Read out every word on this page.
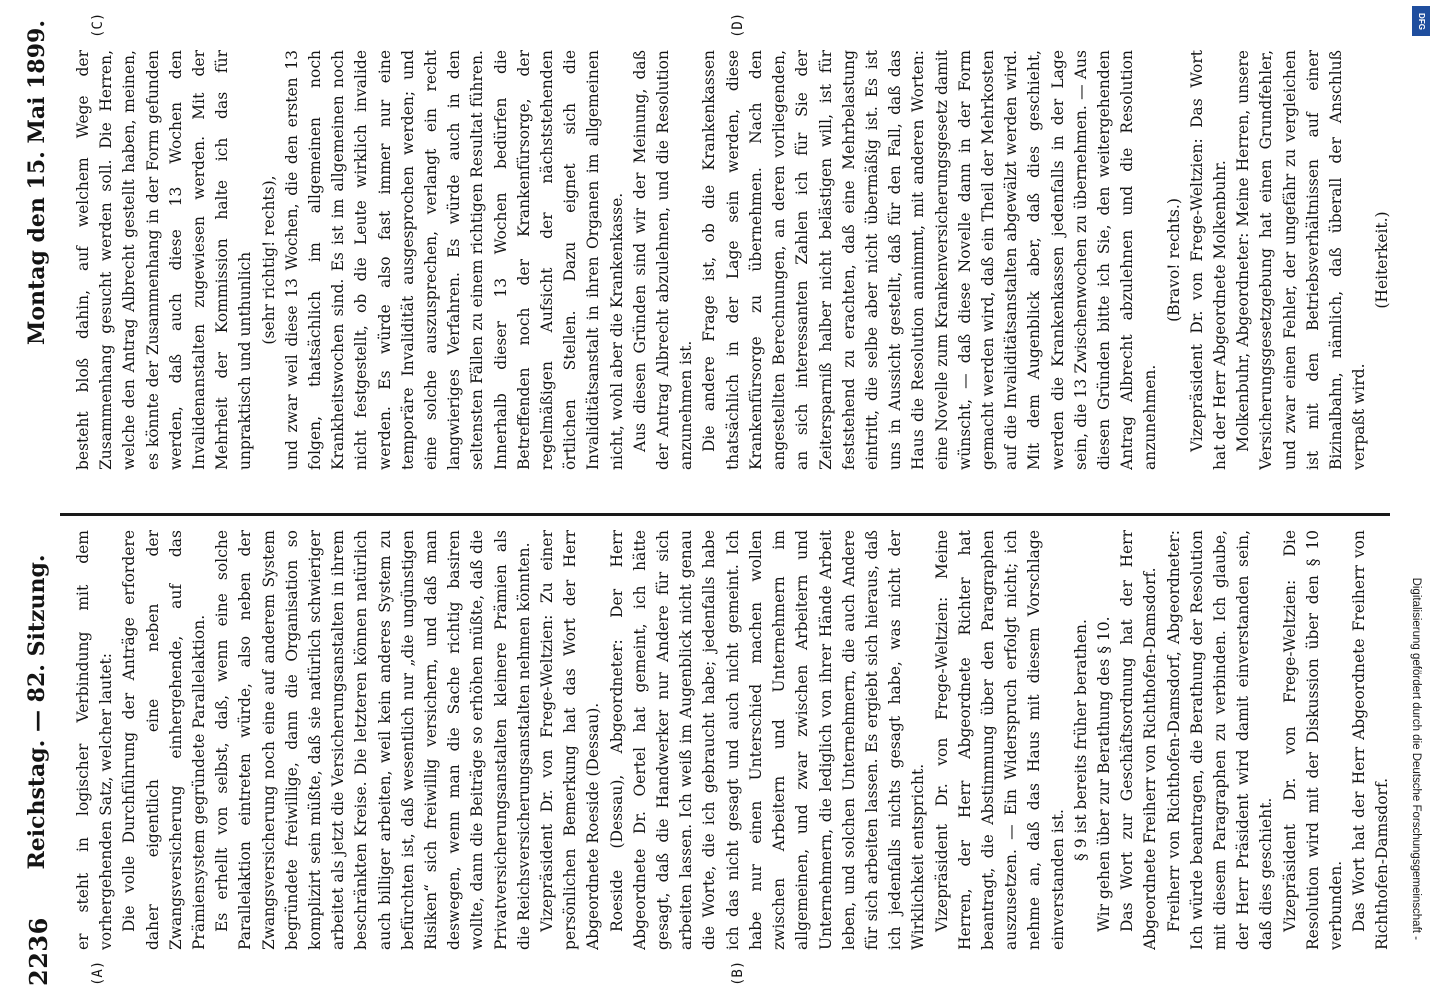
2236
Reichstag. — 82. Sitzung.
Montag den 15. Mai 1899.
(A)	(B)
(C)	(D)

er steht in logischer Verbindung mit dem vorhergehenden Satz, welcher lautet: Die volle Durchführung der Anträge erfordere daher eigentlich eine neben der Zwangsversicherung einhergehende, auf das Prämiensystem gegründete Parallelaktion. Es erhellt von selbst, daß, wenn eine solche Parallelaktion eintreten würde, also neben der Zwangsversicherung noch eine auf anderem System begründete freiwillige, dann die Organisation so komplizirt sein müßte, daß sie natürlich schwieriger arbeitet als jetzt die Versicherungsanstalten in ihrem beschränkten Kreise. Die letzteren können natürlich auch billiger arbeiten, weil kein anderes System zu befürchten ist, daß wesentlich nur „die ungünstigen Risiken“ sich freiwillig versichern, und daß man deswegen, wenn man die Sache richtig basiren wollte, dann die Beiträge so erhöhen müßte, daß die Privatversicherungsanstalten kleinere Prämien als die Reichsversicherungsanstalten nehmen könnten. Vizepräsident Dr. von Frege-Weltzien: Zu einer persönlichen Bemerkung hat das Wort der Herr Abgeordnete Roeside (Dessau). Roeside (Dessau), Abgeordneter: Der Herr Abgeordnete Dr. Oertel hat gemeint, ich hätte gesagt, daß die Handwerker nur Andere für sich arbeiten lassen. Ich weiß im Augenblick nicht genau die Worte, die ich gebraucht habe; jedenfalls habe ich das nicht gesagt und auch nicht gemeint. Ich habe nur einen Unterschied machen wollen zwischen Arbeitern und Unternehmern im allgemeinen, und zwar zwischen Arbeitern und Unternehmern, die lediglich von ihrer Hände Arbeit leben, und solchen Unternehmern, die auch Andere für sich arbeiten lassen. Es ergiebt sich hieraus, daß ich jedenfalls nichts gesagt habe, was nicht der Wirklichkeit entspricht. Vizepräsident Dr. von Frege-Weltzien: Meine Herren, der Herr Abgeordnete Richter hat beantragt, die Abstimmung über den Paragraphen auszusetzen. — Ein Widerspruch erfolgt nicht; ich nehme an, daß das Haus mit diesem Vorschlage einverstanden ist.

§ 9 ist bereits früher berathen. Wir gehen über zur Berathung des § 10. Das Wort zur Geschäftsordnung hat der Herr Abgeordnete Freiherr von Richthofen-Damsdorf. Freiherr von Richthofen-Damsdorf, Abgeordneter: Ich würde beantragen, die Berathung der Resolution mit diesem Paragraphen zu verbinden. Ich glaube, der Herr Präsident wird damit einverstanden sein, daß dies geschieht. Vizepräsident Dr. von Frege-Weltzien: Die Resolution wird mit der Diskussion über den § 10 verbunden. Das Wort hat der Herr Abgeordnete Freiherr von Richthofen-Damsdorf.

besteht bloß dahin, auf welchem Wege der Zusammenhang gesucht werden soll. Die Herren, welche den Antrag Albrecht gestellt haben, meinen, es könnte der Zusammenhang in der Form gefunden werden, daß auch diese 13 Wochen den Invalidenanstalten zugewiesen werden. Mit der Mehrheit der Kommission halte ich das für unpraktisch und unthunlich (sehr richtig! rechts), und zwar weil diese 13 Wochen, die den ersten 13 folgen, thatsächlich im allgemeinen noch Krankheitswochen sind. Es ist im allgemeinen noch nicht festgestellt, ob die Leute wirklich invalide werden. Es würde also fast immer nur eine temporäre Invalidität ausgesprochen werden; und eine solche auszusprechen, verlangt ein recht langwieriges Verfahren. Es würde auch in den seltensten Fällen zu einem richtigen Resultat führen. Innerhalb dieser 13 Wochen bedürfen die Betreffenden noch der Krankenfürsorge, der regelmäßigen Aufsicht der nächststehenden örtlichen Stellen. Dazu eignet sich die Invaliditätsanstalt in ihren Organen im allgemeinen nicht, wohl aber die Krankenkasse. Aus diesen Gründen sind wir der Meinung, daß der Antrag Albrecht abzulehnen, und die Resolution anzunehmen ist. Die andere Frage ist, ob die Krankenkassen thatsächlich in der Lage sein werden, diese Krankenfürsorge zu übernehmen. Nach den angestellten Berechnungen, an deren vorliegenden, an sich interessanten Zahlen ich für Sie der Zeitersparniß halber nicht belästigen will, ist für feststehend zu erachten, daß eine Mehrbelastung eintritt, die selbe aber nicht übermäßig ist. Es ist uns in Aussicht gestellt, daß für den Fall, daß das Haus die Resolution annimmt, mit anderen Worten: eine Novelle zum Krankenversicherungsgesetz damit wünscht, — daß diese Novelle dann in der Form gemacht werden wird, daß ein Theil der Mehrkosten auf die Invaliditätsanstalten abgewälzt werden wird. Mit dem Augenblick aber, daß dies geschieht, werden die Krankenkassen jedenfalls in der Lage sein, die 13 Zwischenwochen zu übernehmen. — Aus diesen Gründen bitte ich Sie, den weitergehenden Antrag Albrecht abzulehnen und die Resolution anzunehmen.

(Bravo! rechts.) Vizepräsident Dr. von Frege-Weltzien: Das Wort hat der Herr Abgeordnete Molkenbuhr. Molkenbuhr, Abgeordneter: Meine Herren, unsere Versicherungsgesetzgebung hat einen Grundfehler, und zwar einen Fehler, der ungefähr zu vergleichen ist mit den Betriebsverhältnissen auf einer Bizinalbahn, nämlich, daß überall der Anschluß verpaßt wird.

(Heiterkeit.)

Digitalisierung gefördert durch die Deutsche Forschungsgemeinschaft -
DFG
